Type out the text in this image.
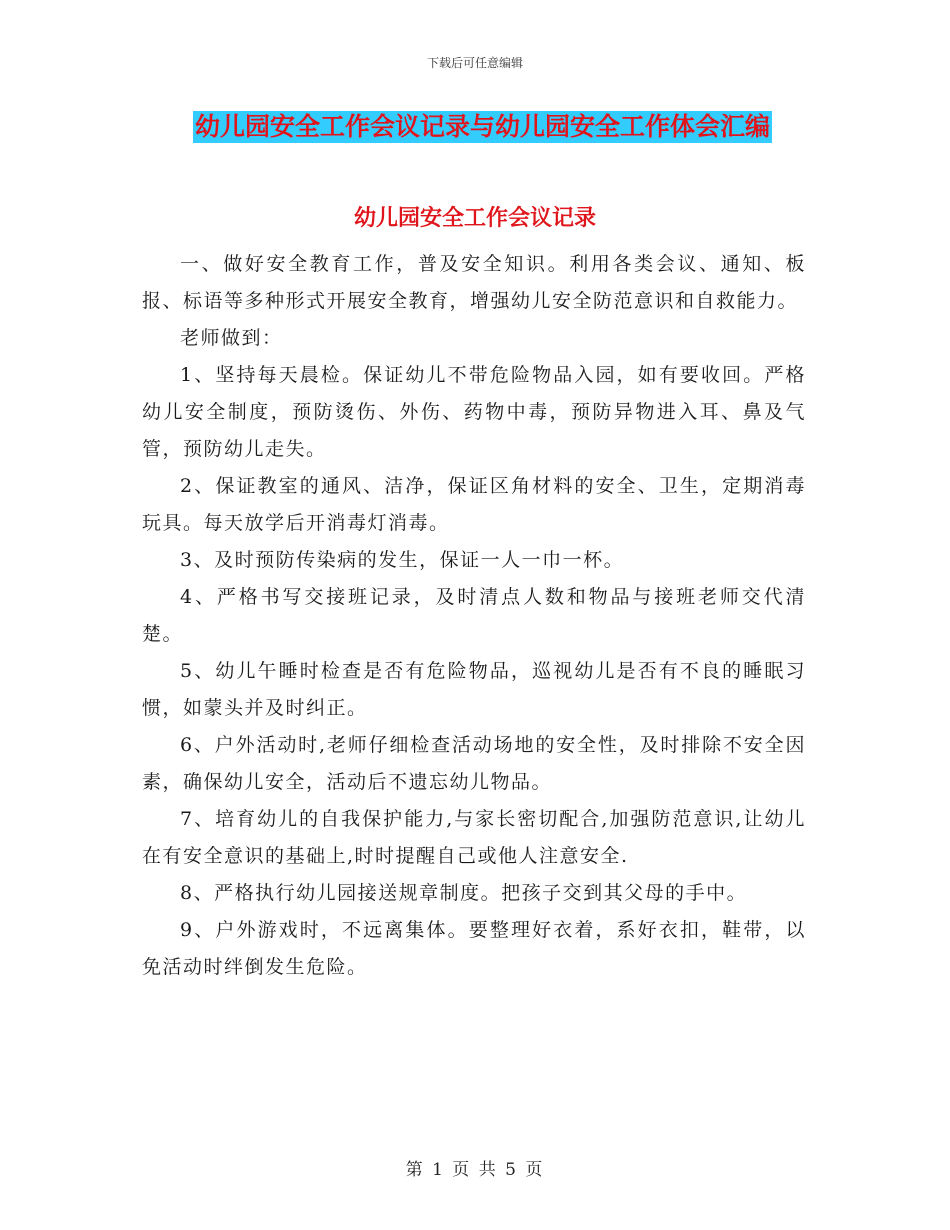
下载后可任意编辑
幼儿园安全工作会议记录与幼儿园安全工作体会汇编
幼儿园安全工作会议记录

一、做好安全教育工作，普及安全知识。利用各类会议、通知、板报、标语等多种形式开展安全教育，增强幼儿安全防范意识和自救能力。

老师做到：

1、坚持每天晨检。保证幼儿不带危险物品入园，如有要收回。严格幼儿安全制度，预防烫伤、外伤、药物中毒，预防异物进入耳、鼻及气管，预防幼儿走失。

2、保证教室的通风、洁净，保证区角材料的安全、卫生，定期消毒玩具。每天放学后开消毒灯消毒。

3、及时预防传染病的发生，保证一人一巾一杯。

4、严格书写交接班记录，及时清点人数和物品与接班老师交代清楚。

5、幼儿午睡时检查是否有危险物品，巡视幼儿是否有不良的睡眠习惯，如蒙头并及时纠正。

6、户外活动时,老师仔细检查活动场地的安全性，及时排除不安全因素，确保幼儿安全，活动后不遗忘幼儿物品。

7、培育幼儿的自我保护能力,与家长密切配合,加强防范意识,让幼儿在有安全意识的基础上,时时提醒自己或他人注意安全.

8、严格执行幼儿园接送规章制度。把孩子交到其父母的手中。

9、户外游戏时，不远离集体。要整理好衣着，系好衣扣，鞋带，以免活动时绊倒发生危险。

第 1 页 共 5 页
